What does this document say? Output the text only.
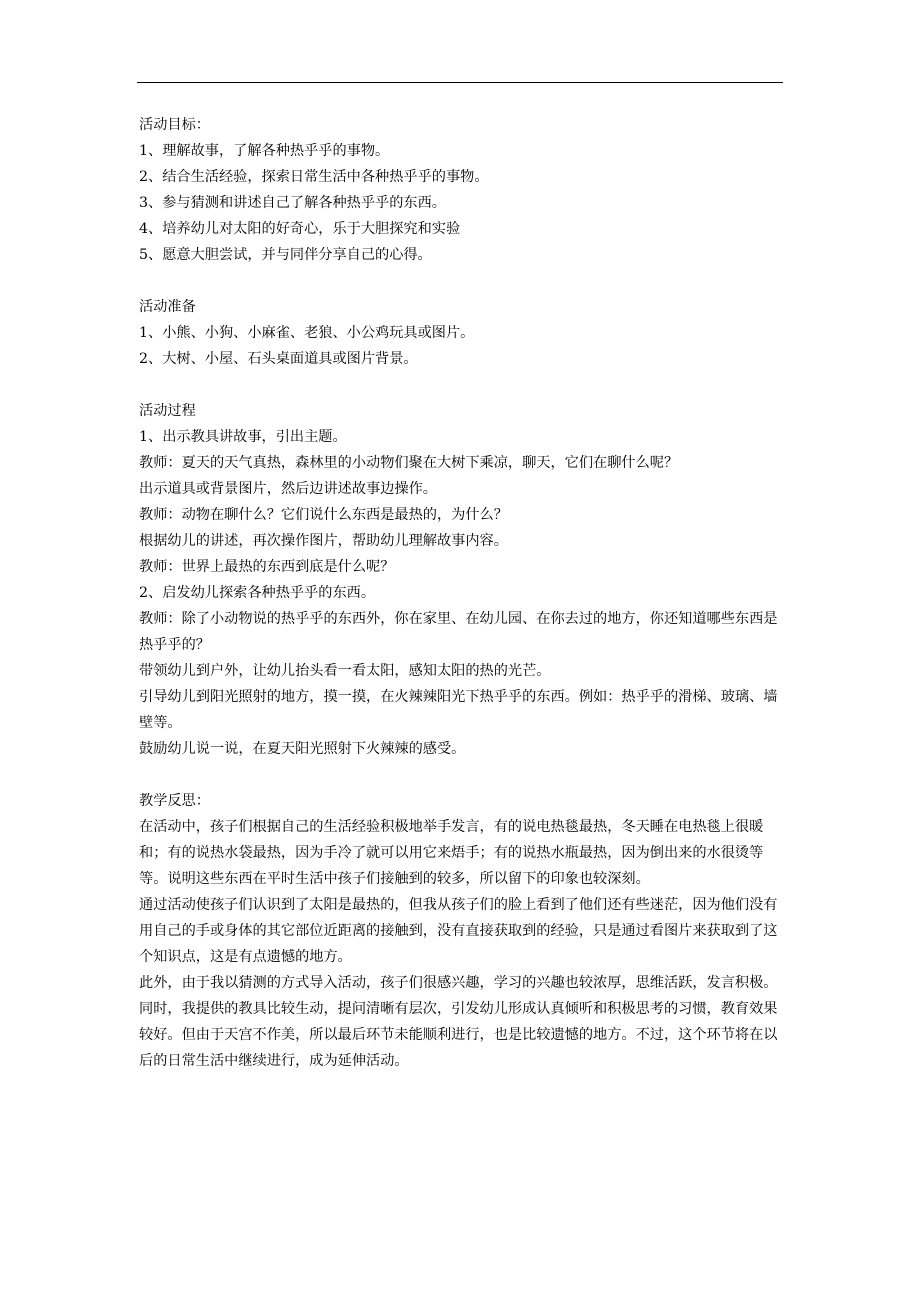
活动目标：
1、理解故事，了解各种热乎乎的事物。
2、结合生活经验，探索日常生活中各种热乎乎的事物。
3、参与猜测和讲述自己了解各种热乎乎的东西。
4、培养幼儿对太阳的好奇心，乐于大胆探究和实验
5、愿意大胆尝试，并与同伴分享自己的心得。
活动准备
1、小熊、小狗、小麻雀、老狼、小公鸡玩具或图片。
2、大树、小屋、石头桌面道具或图片背景。
活动过程
1、出示教具讲故事，引出主题。
教师：夏天的天气真热，森林里的小动物们聚在大树下乘凉，聊天，它们在聊什么呢？
出示道具或背景图片，然后边讲述故事边操作。
教师：动物在聊什么？它们说什么东西是最热的，为什么？
根据幼儿的讲述，再次操作图片，帮助幼儿理解故事内容。
教师：世界上最热的东西到底是什么呢？
2、启发幼儿探索各种热乎乎的东西。
教师：除了小动物说的热乎乎的东西外，你在家里、在幼儿园、在你去过的地方，你还知道哪些东西是热乎乎的？
带领幼儿到户外，让幼儿抬头看一看太阳，感知太阳的热的光芒。
引导幼儿到阳光照射的地方，摸一摸，在火辣辣阳光下热乎乎的东西。例如：热乎乎的滑梯、玻璃、墙壁等。
鼓励幼儿说一说，在夏天阳光照射下火辣辣的感受。
教学反思：
在活动中，孩子们根据自己的生活经验积极地举手发言，有的说电热毯最热，冬天睡在电热毯上很暖和；有的说热水袋最热，因为手冷了就可以用它来焐手；有的说热水瓶最热，因为倒出来的水很烫等等。说明这些东西在平时生活中孩子们接触到的较多，所以留下的印象也较深刻。
通过活动使孩子们认识到了太阳是最热的，但我从孩子们的脸上看到了他们还有些迷茫，因为他们没有用自己的手或身体的其它部位近距离的接触到，没有直接获取到的经验，只是通过看图片来获取到了这个知识点，这是有点遗憾的地方。
此外，由于我以猜测的方式导入活动，孩子们很感兴趣，学习的兴趣也较浓厚，思维活跃，发言积极。同时，我提供的教具比较生动，提问清晰有层次，引发幼儿形成认真倾听和积极思考的习惯，教育效果较好。但由于天宫不作美，所以最后环节未能顺利进行，也是比较遗憾的地方。不过，这个环节将在以后的日常生活中继续进行，成为延伸活动。
